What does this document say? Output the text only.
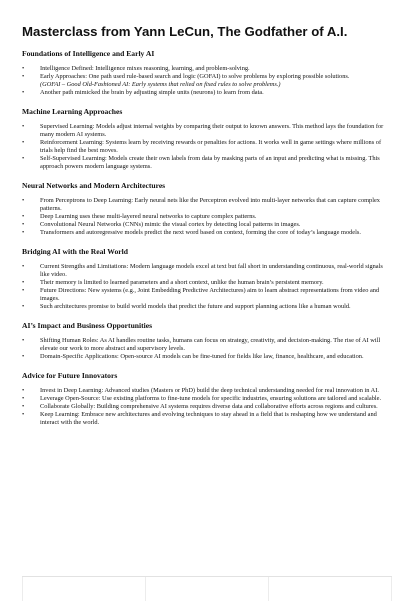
Masterclass from Yann LeCun, The Godfather of A.I.
Foundations of Intelligence and Early AI
• Intelligence Defined: Intelligence mixes reasoning, learning, and problem-solving.
• Early Approaches: One path used rule-based search and logic (GOFAI) to solve problems by exploring possible solutions.
(GOFAI – Good Old-Fashioned AI: Early systems that relied on fixed rules to solve problems.)
• Another path mimicked the brain by adjusting simple units (neurons) to learn from data.
Machine Learning Approaches
• Supervised Learning: Models adjust internal weights by comparing their output to known answers. This method lays the foundation for many modern AI systems.
• Reinforcement Learning: Systems learn by receiving rewards or penalties for actions. It works well in game settings where millions of trials help find the best moves.
• Self-Supervised Learning: Models create their own labels from data by masking parts of an input and predicting what is missing. This approach powers modern language systems.
Neural Networks and Modern Architectures
• From Perceptrons to Deep Learning: Early neural nets like the Perceptron evolved into multi-layer networks that can capture complex patterns.
• Deep Learning uses these multi-layered neural networks to capture complex patterns.
• Convolutional Neural Networks (CNNs) mimic the visual cortex by detecting local patterns in images.
• Transformers and autoregressive models predict the next word based on context, forming the core of today’s language models.
Bridging AI with the Real World
• Current Strengths and Limitations: Modern language models excel at text but fall short in understanding continuous, real-world signals like video.
• Their memory is limited to learned parameters and a short context, unlike the human brain’s persistent memory.
• Future Directions: New systems (e.g., Joint Embedding Predictive Architectures) aim to learn abstract representations from video and images.
• Such architectures promise to build world models that predict the future and support planning actions like a human would.
AI’s Impact and Business Opportunities
• Shifting Human Roles: As AI handles routine tasks, humans can focus on strategy, creativity, and decision-making. The rise of AI will elevate our work to more abstract and supervisory levels.
• Domain-Specific Applications: Open-source AI models can be fine-tuned for fields like law, finance, healthcare, and education.
Advice for Future Innovators
• Invest in Deep Learning: Advanced studies (Masters or PhD) build the deep technical understanding needed for real innovation in AI.
• Leverage Open-Source: Use existing platforms to fine-tune models for specific industries, ensuring solutions are tailored and scalable.
• Collaborate Globally: Building comprehensive AI systems requires diverse data and collaborative efforts across regions and cultures.
• Keep Learning: Embrace new architectures and evolving techniques to stay ahead in a field that is reshaping how we understand and interact with the world.
